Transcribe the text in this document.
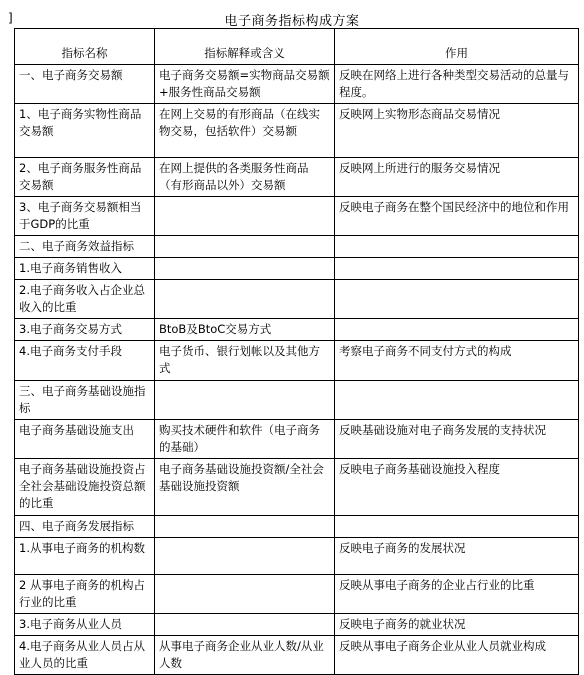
]	电子商务指标构成方案
指标名称	指标解释或含义	作用
一、电子商务交易额	电子商务交易额=实物商品交易额+服务性商品交易额	反映在网络上进行各种类型交易活动的总量与程度。
1、电子商务实物性商品交易额	在网上交易的有形商品（在线实物交易，包括软件）交易额	反映网上实物形态商品交易情况
2、电子商务服务性商品交易额	在网上提供的各类服务性商品（有形商品以外）交易额	反映网上所进行的服务交易情况
3、电子商务交易额相当于GDP的比重		反映电子商务在整个国民经济中的地位和作用
二、电子商务效益指标		
1.电子商务销售收入		
2.电子商务收入占企业总收入的比重		
3.电子商务交易方式	BtoB及BtoC交易方式	
4.电子商务支付手段	电子货币、银行划帐以及其他方式	考察电子商务不同支付方式的构成
三、电子商务基础设施指标		
电子商务基础设施支出	购买技术硬件和软件（电子商务的基础）	反映基础设施对电子商务发展的支持状况
电子商务基础设施投资占全社会基础设施投资总额的比重	电子商务基础设施投资额/全社会基础设施投资额	反映电子商务基础设施投入程度
四、电子商务发展指标		
1.从事电子商务的机构数		反映电子商务的发展状况
2 从事电子商务的机构占行业的比重		反映从事电子商务的企业占行业的比重
3.电子商务从业人员		反映电子商务的就业状况
4.电子商务从业人员占从业人员的比重	从事电子商务企业从业人数/从业人数	反映从事电子商务企业从业人员就业构成
